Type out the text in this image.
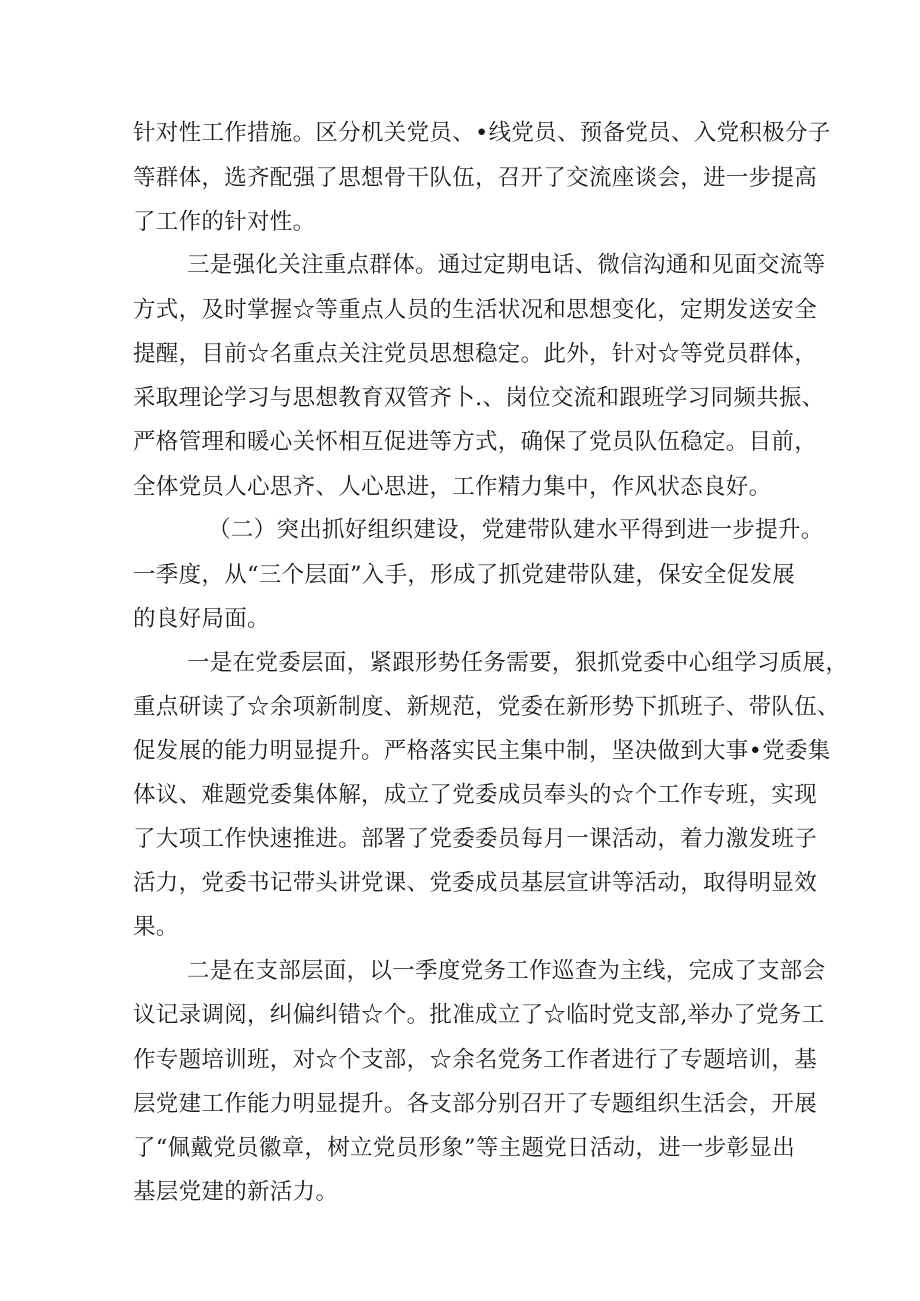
针对性工作措施。区分机关党员、•线党员、预备党员、入党积极分子
等群体，选齐配强了思想骨干队伍，召开了交流座谈会，进一步提高
了工作的针对性。
三是强化关注重点群体。通过定期电话、微信沟通和见面交流等
方式，及时掌握☆等重点人员的生活状况和思想变化，定期发送安全
提醒，目前☆名重点关注党员思想稳定。此外，针对☆等党员群体，
采取理论学习与思想教育双管齐卜.、岗位交流和跟班学习同频共振、
严格管理和暖心关怀相互促进等方式，确保了党员队伍稳定。目前，
全体党员人心思齐、人心思进，工作精力集中，作风状态良好。
（二）突出抓好组织建设，党建带队建水平得到进一步提升。
一季度，从“三个层面”入手，形成了抓党建带队建，保安全促发展
的良好局面。
一是在党委层面，紧跟形势任务需要，狠抓党委中心组学习质展，
重点研读了☆余项新制度、新规范，党委在新形势下抓班子、带队伍、
促发展的能力明显提升。严格落实民主集中制，坚决做到大事•党委集
体议、难题党委集体解，成立了党委成员奉头的☆个工作专班，实现
了大项工作快速推进。部署了党委委员每月一课活动，着力激发班子
活力，党委书记带头讲党课、党委成员基层宣讲等活动，取得明显效
果。
二是在支部层面，以一季度党务工作巡查为主线，完成了支部会
议记录调阅，纠偏纠错☆个。批准成立了☆临时党支部,举办了党务工
作专题培训班，对☆个支部，☆余名党务工作者进行了专题培训，基
层党建工作能力明显提升。各支部分别召开了专题组织生活会，开展
了“佩戴党员徽章，树立党员形象”等主题党日活动，进一步彰显出
基层党建的新活力。
